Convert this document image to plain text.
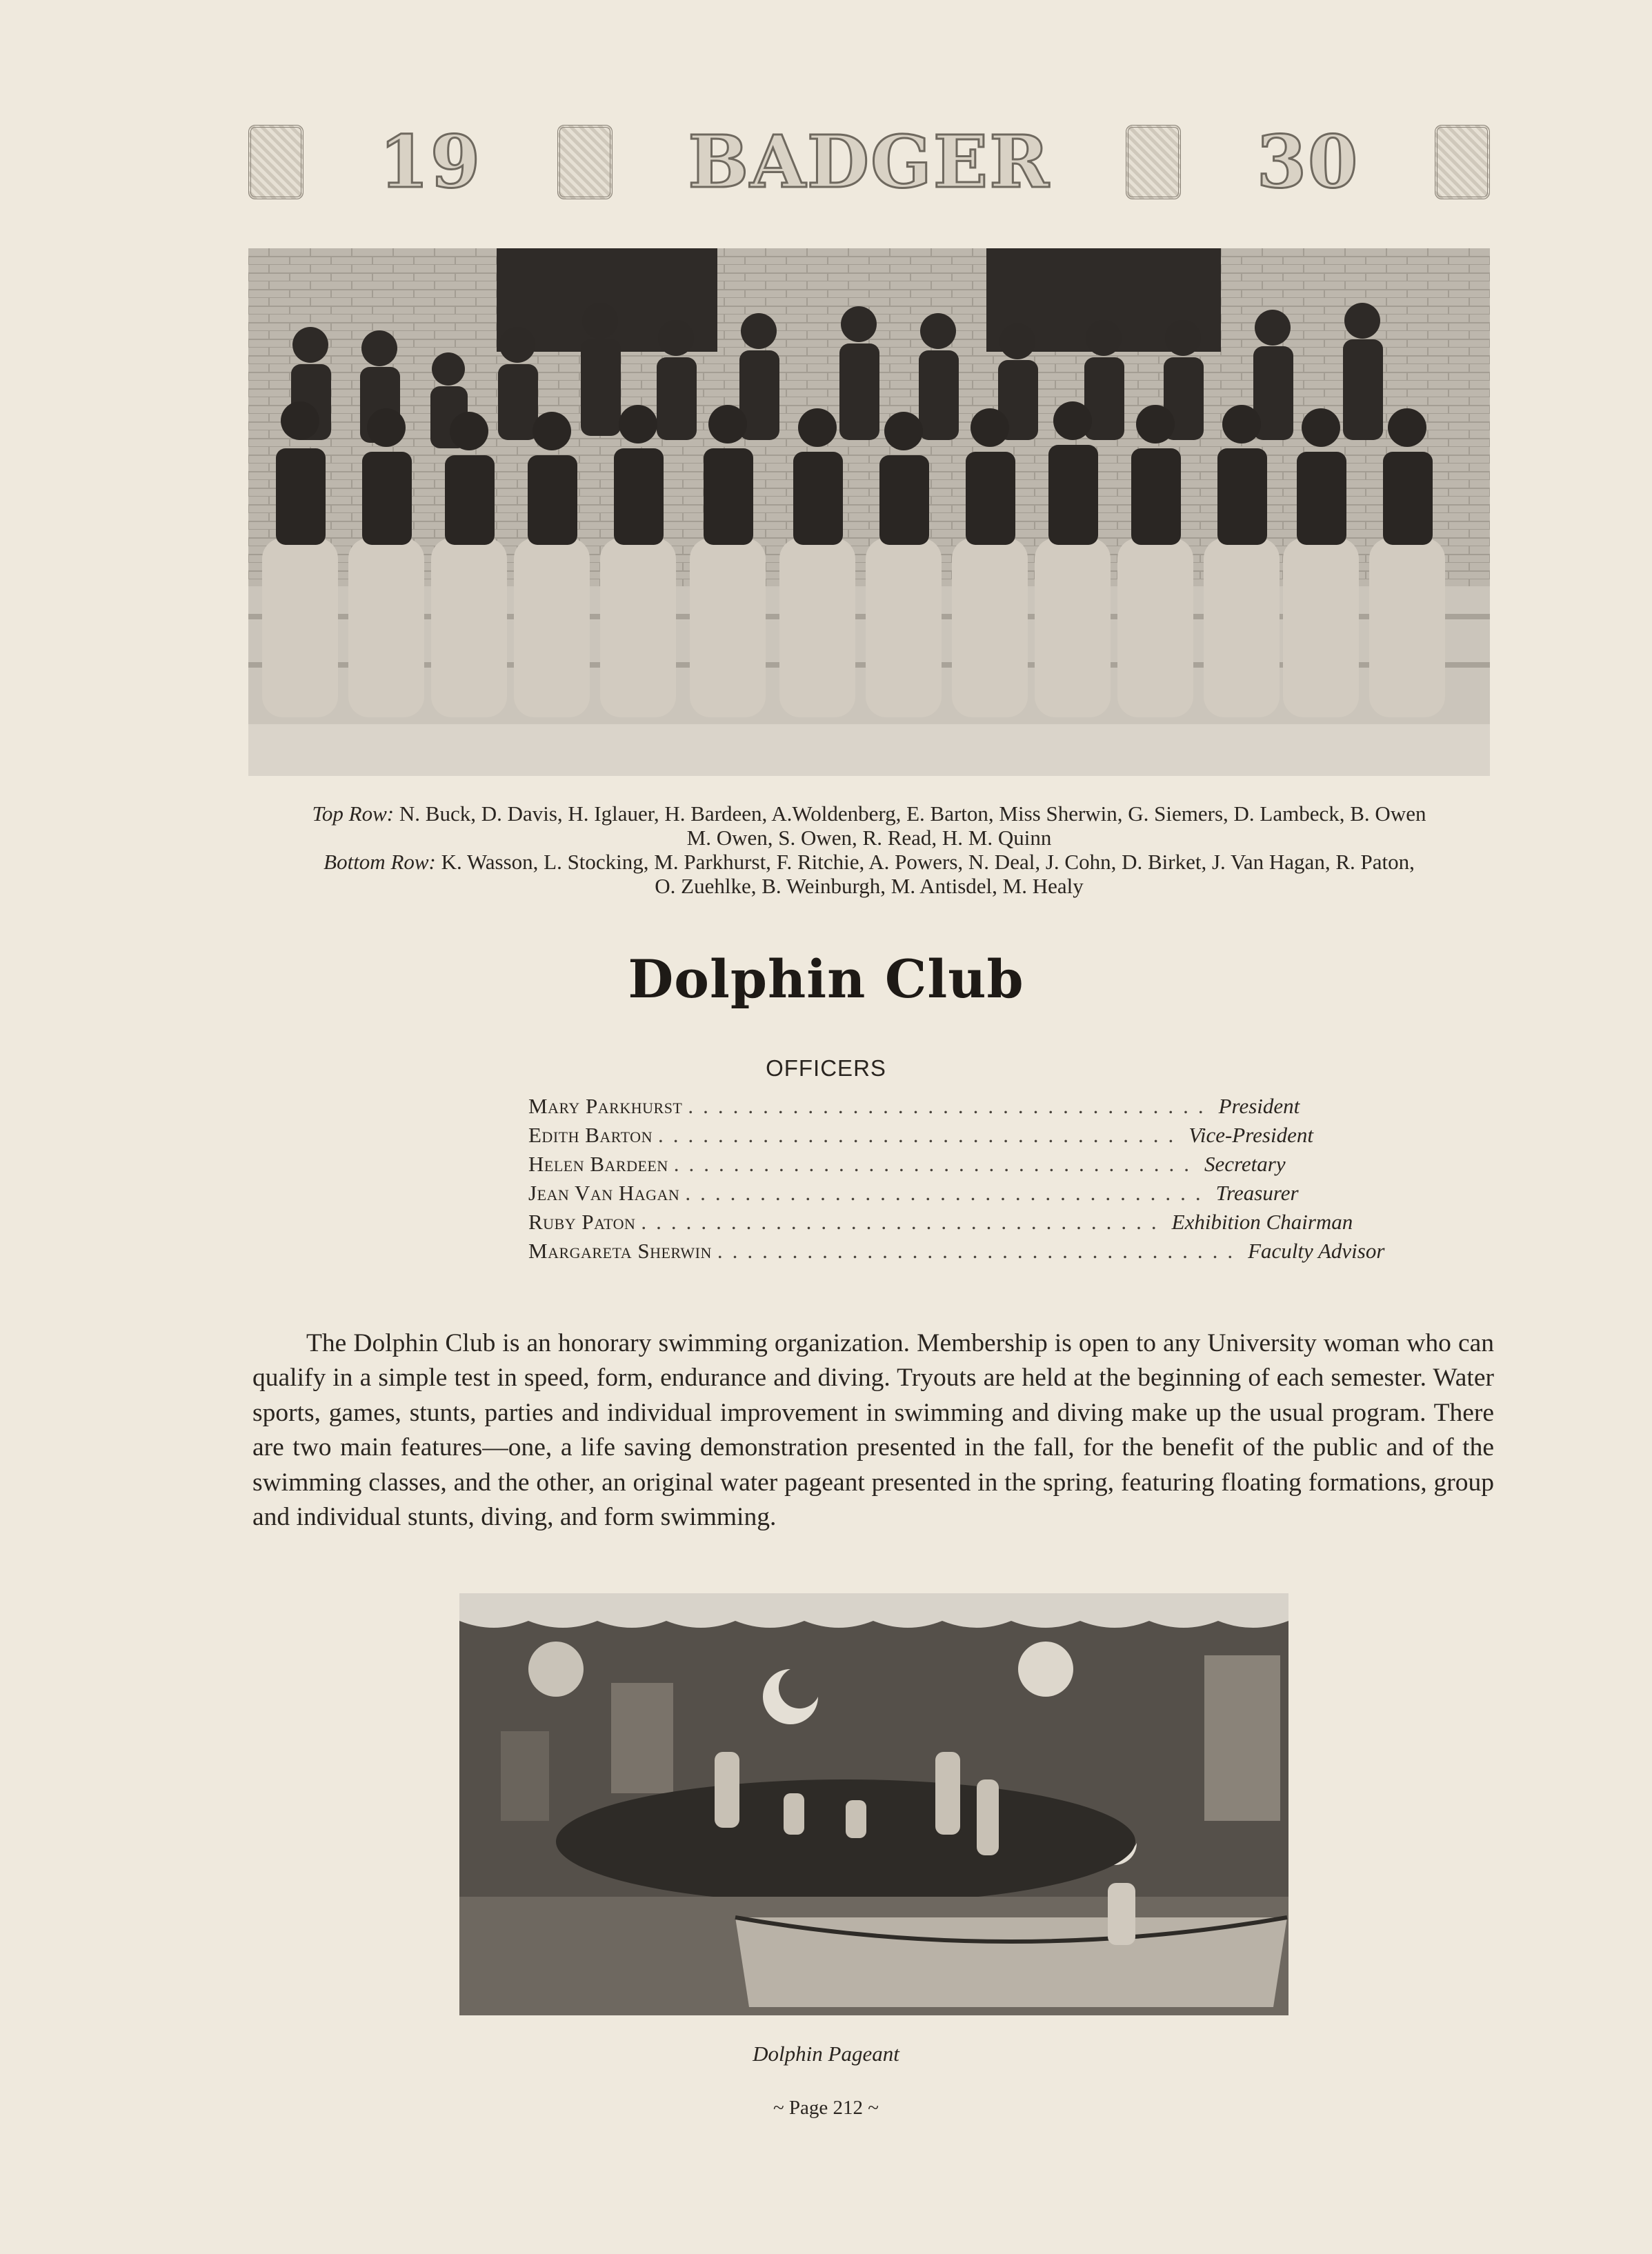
19	BADGER	30
Top Row: N. Buck, D. Davis, H. Iglauer, H. Bardeen, A.Woldenberg, E. Barton, Miss Sherwin, G. Siemers, D. Lambeck, B. Owen
M. Owen, S. Owen, R. Read, H. M. Quinn
Bottom Row: K. Wasson, L. Stocking, M. Parkhurst, F. Ritchie, A. Powers, N. Deal, J. Cohn, D. Birket, J. Van Hagan, R. Paton,
O. Zuehlke, B. Weinburgh, M. Antisdel, M. Healy
Dolphin Club
OFFICERS
Mary Parkhurst ................................... President
Edith Barton ................................... Vice-President
Helen Bardeen ................................... Secretary
Jean Van Hagan ................................... Treasurer
Ruby Paton ................................... Exhibition Chairman
Margareta Sherwin ................................... Faculty Advisor

The Dolphin Club is an honorary swimming organization. Membership is open to any University woman who can qualify in a simple test in speed, form, endurance and diving. Tryouts are held at the beginning of each semester. Water sports, games, stunts, parties and individual improvement in swimming and diving make up the usual program. There are two main features—one, a life saving demonstration presented in the fall, for the benefit of the public and of the swimming classes, and the other, an original water pageant presented in the spring, featuring floating formations, group and individual stunts, diving, and form swimming.

Dolphin Pageant
~ Page 212 ~
